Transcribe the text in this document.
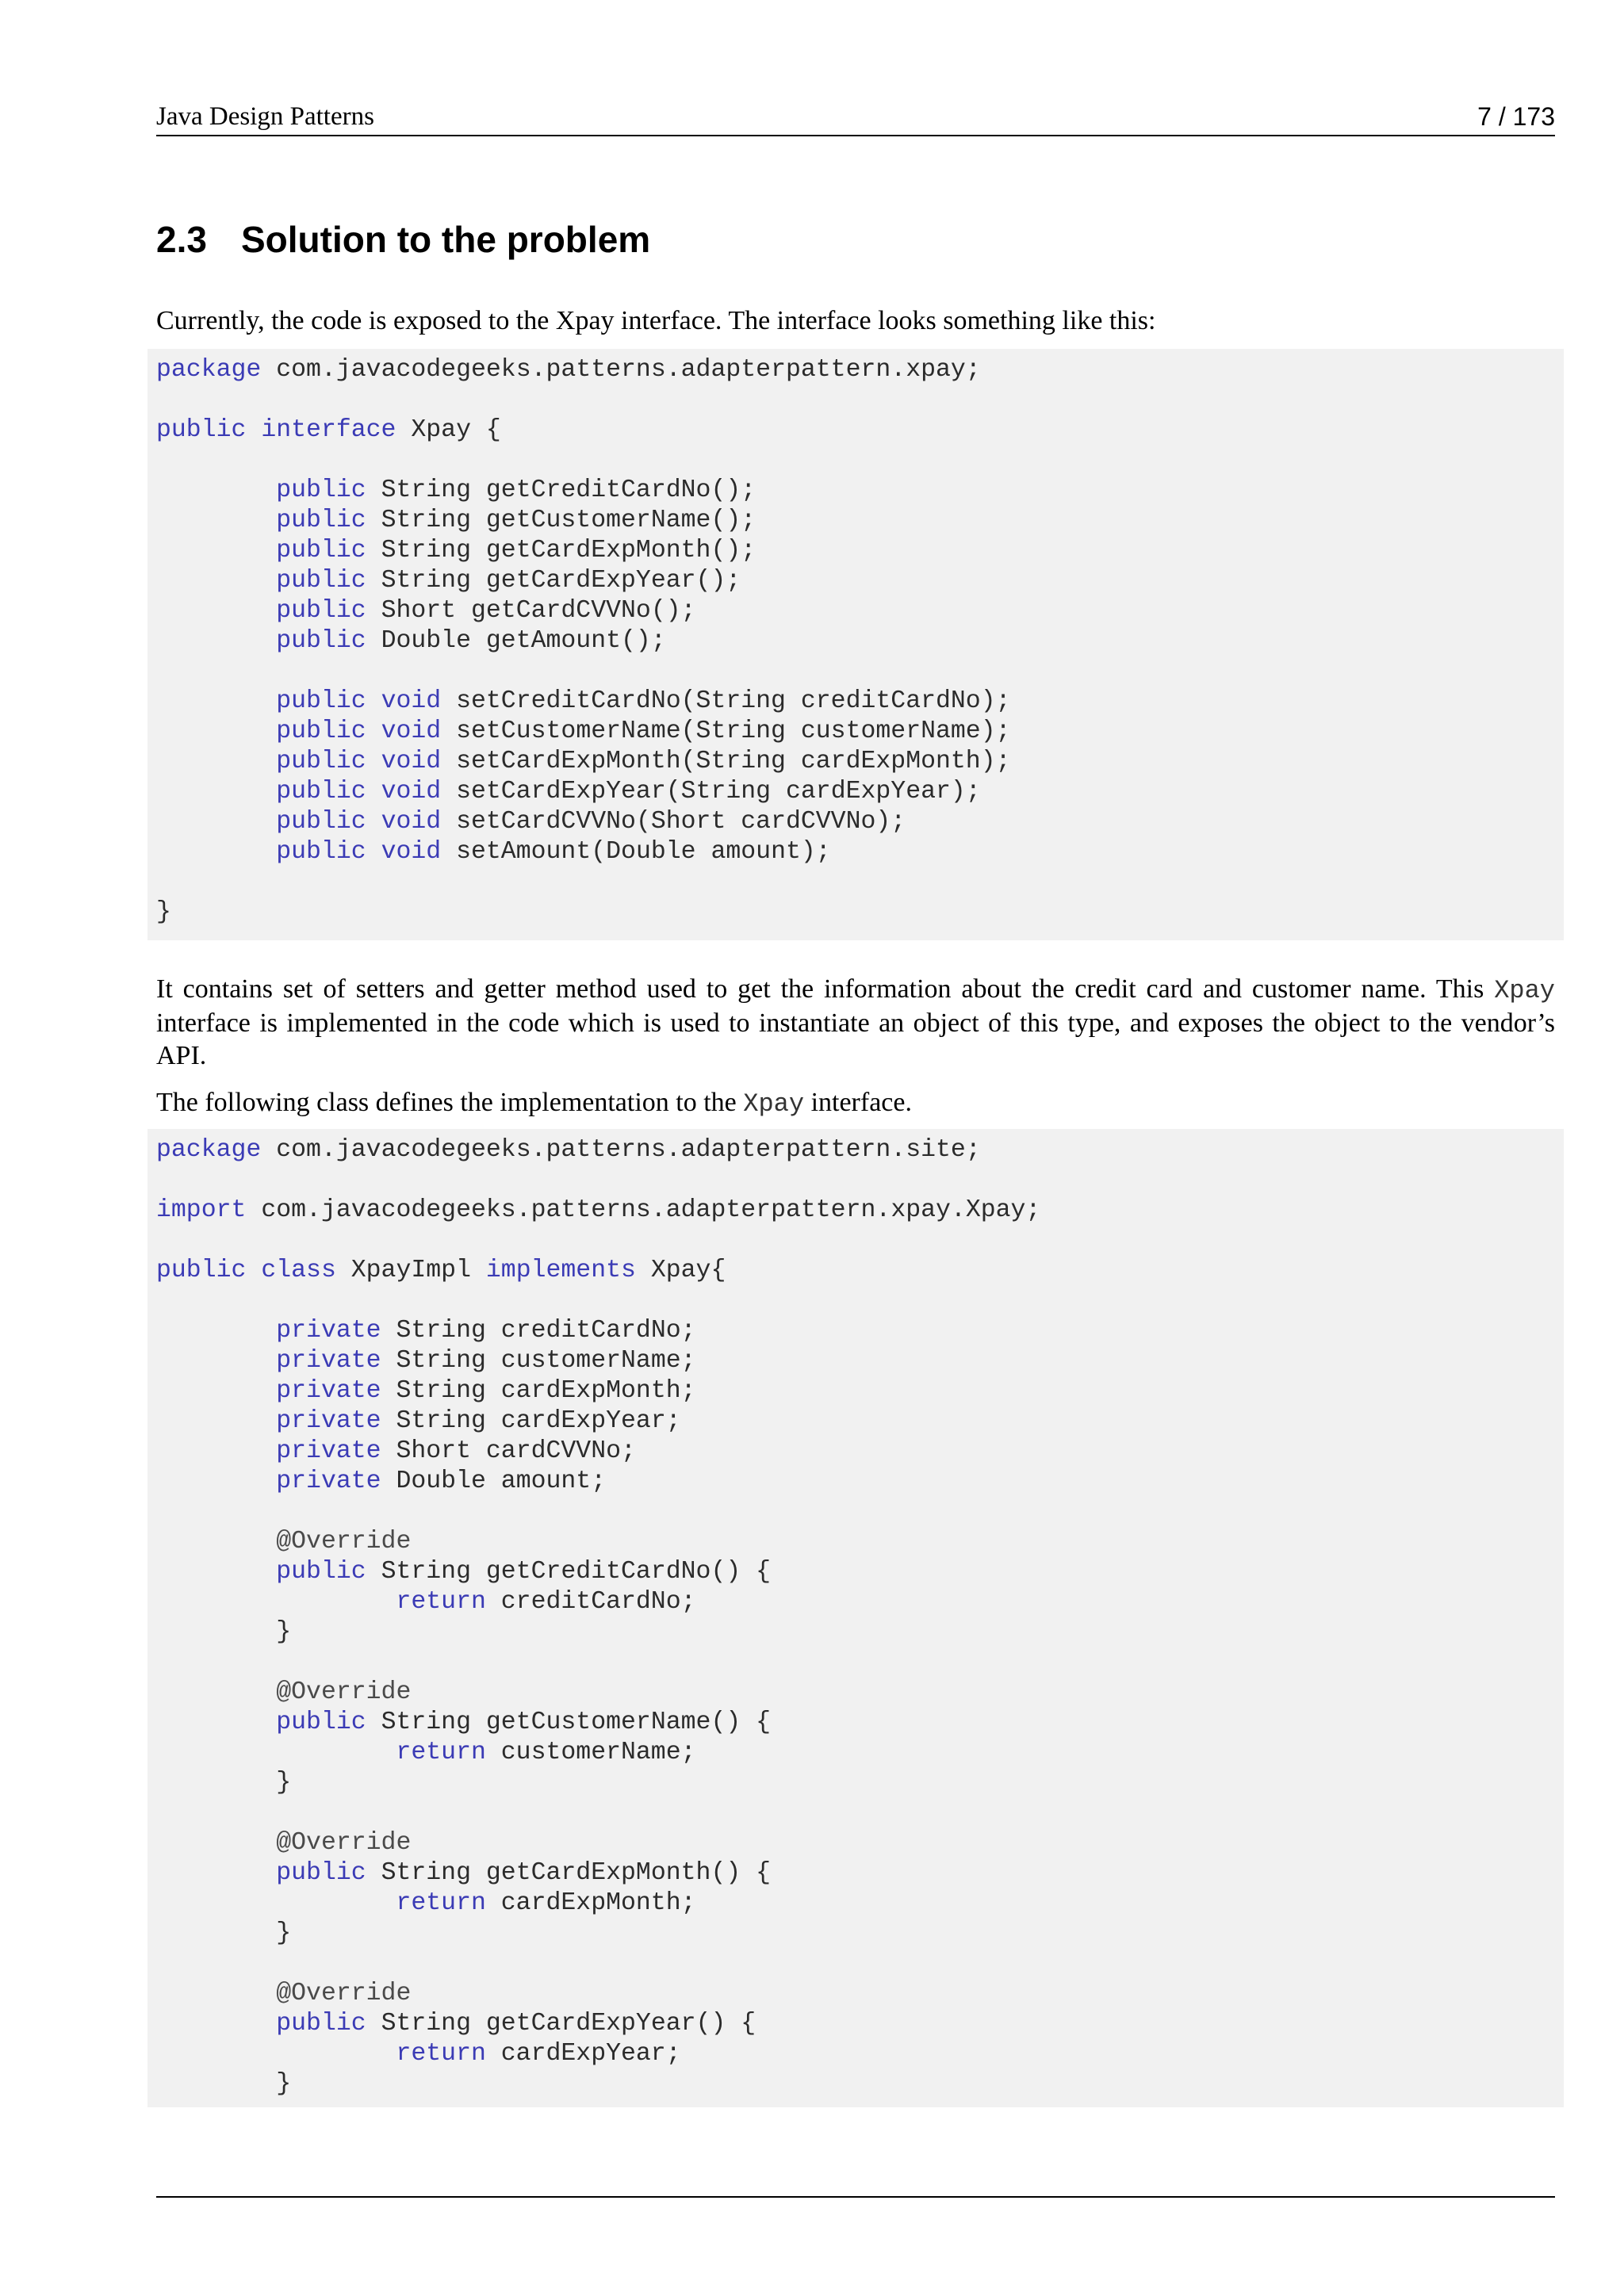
Java Design Patterns	7 / 173
2.3 Solution to the problem

Currently, the code is exposed to the Xpay interface. The interface looks something like this:

package com.javacodegeeks.patterns.adapterpattern.xpay;
public interface Xpay {
public String getCreditCardNo();
public String getCustomerName();
public String getCardExpMonth();
public String getCardExpYear();
public Short getCardCVVNo();
public Double getAmount();
public void setCreditCardNo(String creditCardNo);
public void setCustomerName(String customerName);
public void setCardExpMonth(String cardExpMonth);
public void setCardExpYear(String cardExpYear);
public void setCardCVVNo(Short cardCVVNo);
public void setAmount(Double amount);
}

It contains set of setters and getter method used to get the information about the credit card and customer name. This Xpay interface is implemented in the code which is used to instantiate an object of this type, and exposes the object to the vendor’s API.

The following class defines the implementation to the Xpay interface.

package com.javacodegeeks.patterns.adapterpattern.site;
import com.javacodegeeks.patterns.adapterpattern.xpay.Xpay;
public class XpayImpl implements Xpay{
private String creditCardNo;
private String customerName;
private String cardExpMonth;
private String cardExpYear;
private Short cardCVVNo;
private Double amount;
@Override
public String getCreditCardNo() {
return creditCardNo;
}
@Override
public String getCustomerName() {
return customerName;
}
@Override
public String getCardExpMonth() {
return cardExpMonth;
}
@Override
public String getCardExpYear() {
return cardExpYear;
}
